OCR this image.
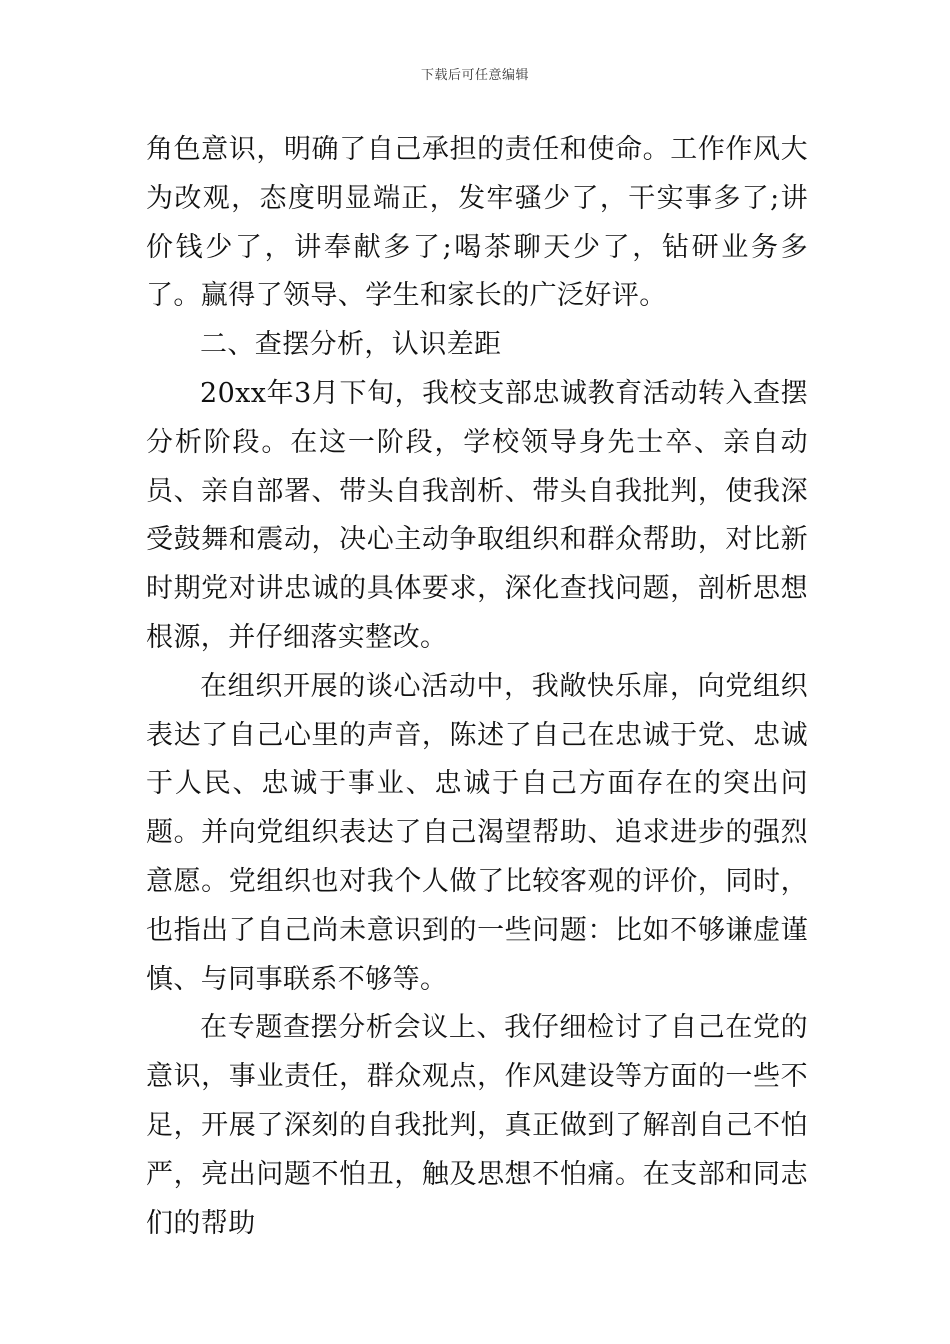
下载后可任意编辑

角色意识，明确了自己承担的责任和使命。工作作风大为改观，态度明显端正，发牢骚少了，干实事多了;讲价钱少了，讲奉献多了;喝茶聊天少了，钻研业务多了。赢得了领导、学生和家长的广泛好评。

二、查摆分析，认识差距

20xx年3月下旬，我校支部忠诚教育活动转入查摆分析阶段。在这一阶段，学校领导身先士卒、亲自动员、亲自部署、带头自我剖析、带头自我批判，使我深受鼓舞和震动，决心主动争取组织和群众帮助，对比新时期党对讲忠诚的具体要求，深化查找问题，剖析思想根源，并仔细落实整改。

在组织开展的谈心活动中，我敞快乐扉，向党组织表达了自己心里的声音，陈述了自己在忠诚于党、忠诚于人民、忠诚于事业、忠诚于自己方面存在的突出问题。并向党组织表达了自己渴望帮助、追求进步的强烈意愿。党组织也对我个人做了比较客观的评价，同时，也指出了自己尚未意识到的一些问题：比如不够谦虚谨慎、与同事联系不够等。

在专题查摆分析会议上、我仔细检讨了自己在党的意识，事业责任，群众观点，作风建设等方面的一些不足，开展了深刻的自我批判，真正做到了解剖自己不怕严，亮出问题不怕丑，触及思想不怕痛。在支部和同志们的帮助
